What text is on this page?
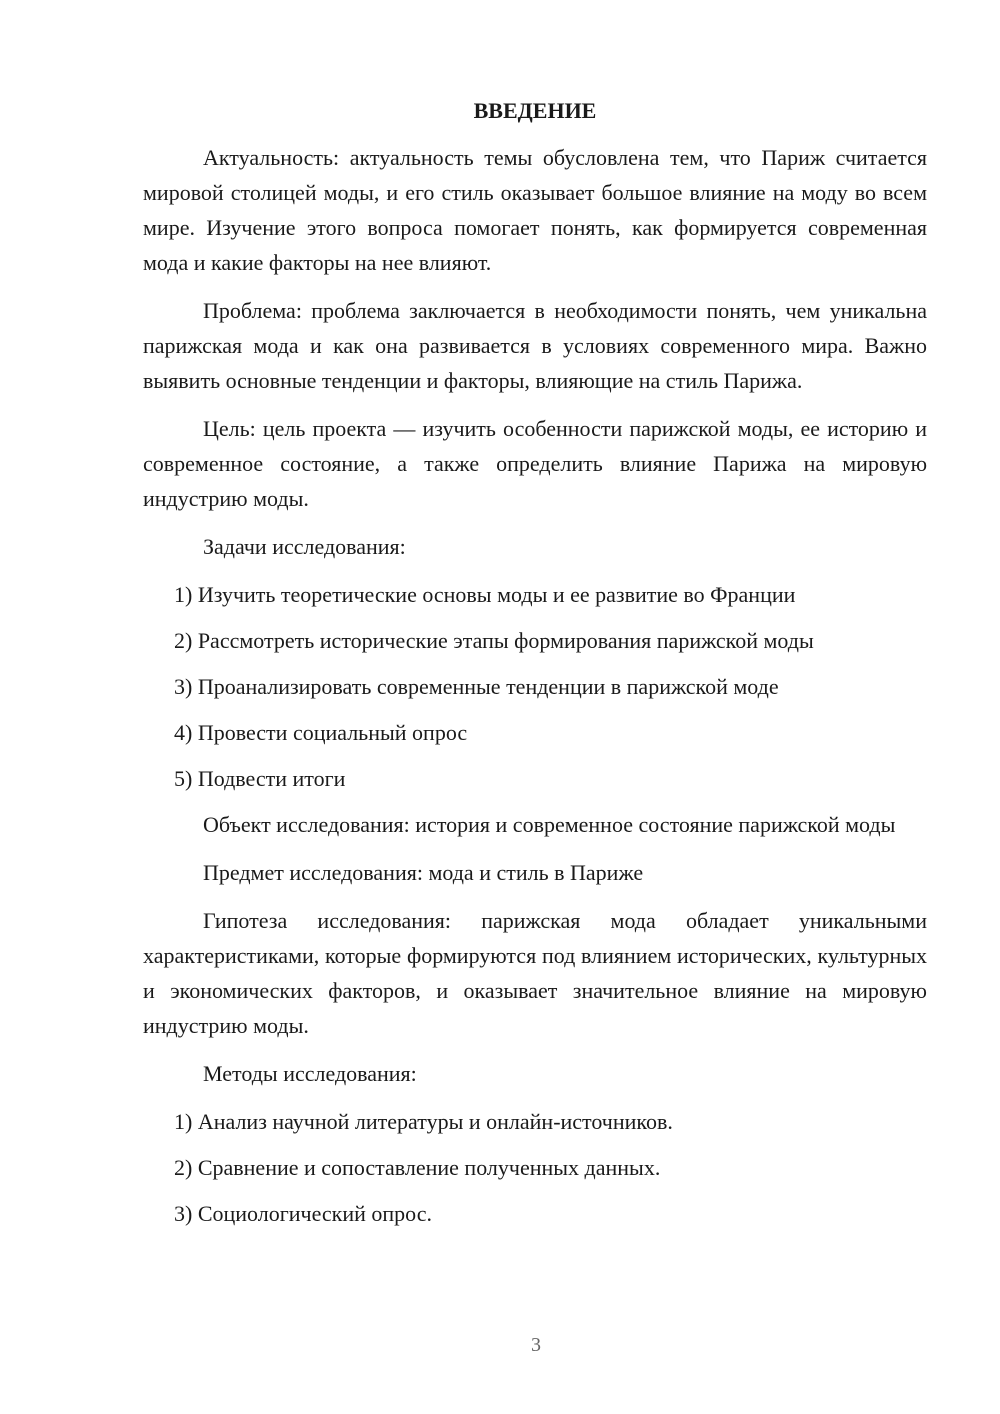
ВВЕДЕНИЕ

Актуальность: актуальность темы обусловлена тем, что Париж считается мировой столицей моды, и его стиль оказывает большое влияние на моду во всем мире. Изучение этого вопроса помогает понять, как формируется современная мода и какие факторы на нее влияют.

Проблема: проблема заключается в необходимости понять, чем уникальна парижская мода и как она развивается в условиях современного мира. Важно выявить основные тенденции и факторы, влияющие на стиль Парижа.

Цель: цель проекта — изучить особенности парижской моды, ее историю и современное состояние, а также определить влияние Парижа на мировую индустрию моды.

Задачи исследования:

1) Изучить теоретические основы моды и ее развитие во Франции
2) Рассмотреть исторические этапы формирования парижской моды
3) Проанализировать современные тенденции в парижской моде
4) Провести социальный опрос
5) Подвести итоги

Объект исследования: история и современное состояние парижской моды

Предмет исследования: мода и стиль в Париже

Гипотеза исследования: парижская мода обладает уникальными характеристиками, которые формируются под влиянием исторических, культурных и экономических факторов, и оказывает значительное влияние на мировую индустрию моды.

Методы исследования:

1) Анализ научной литературы и онлайн-источников.
2) Сравнение и сопоставление полученных данных.
3) Социологический опрос.
3
